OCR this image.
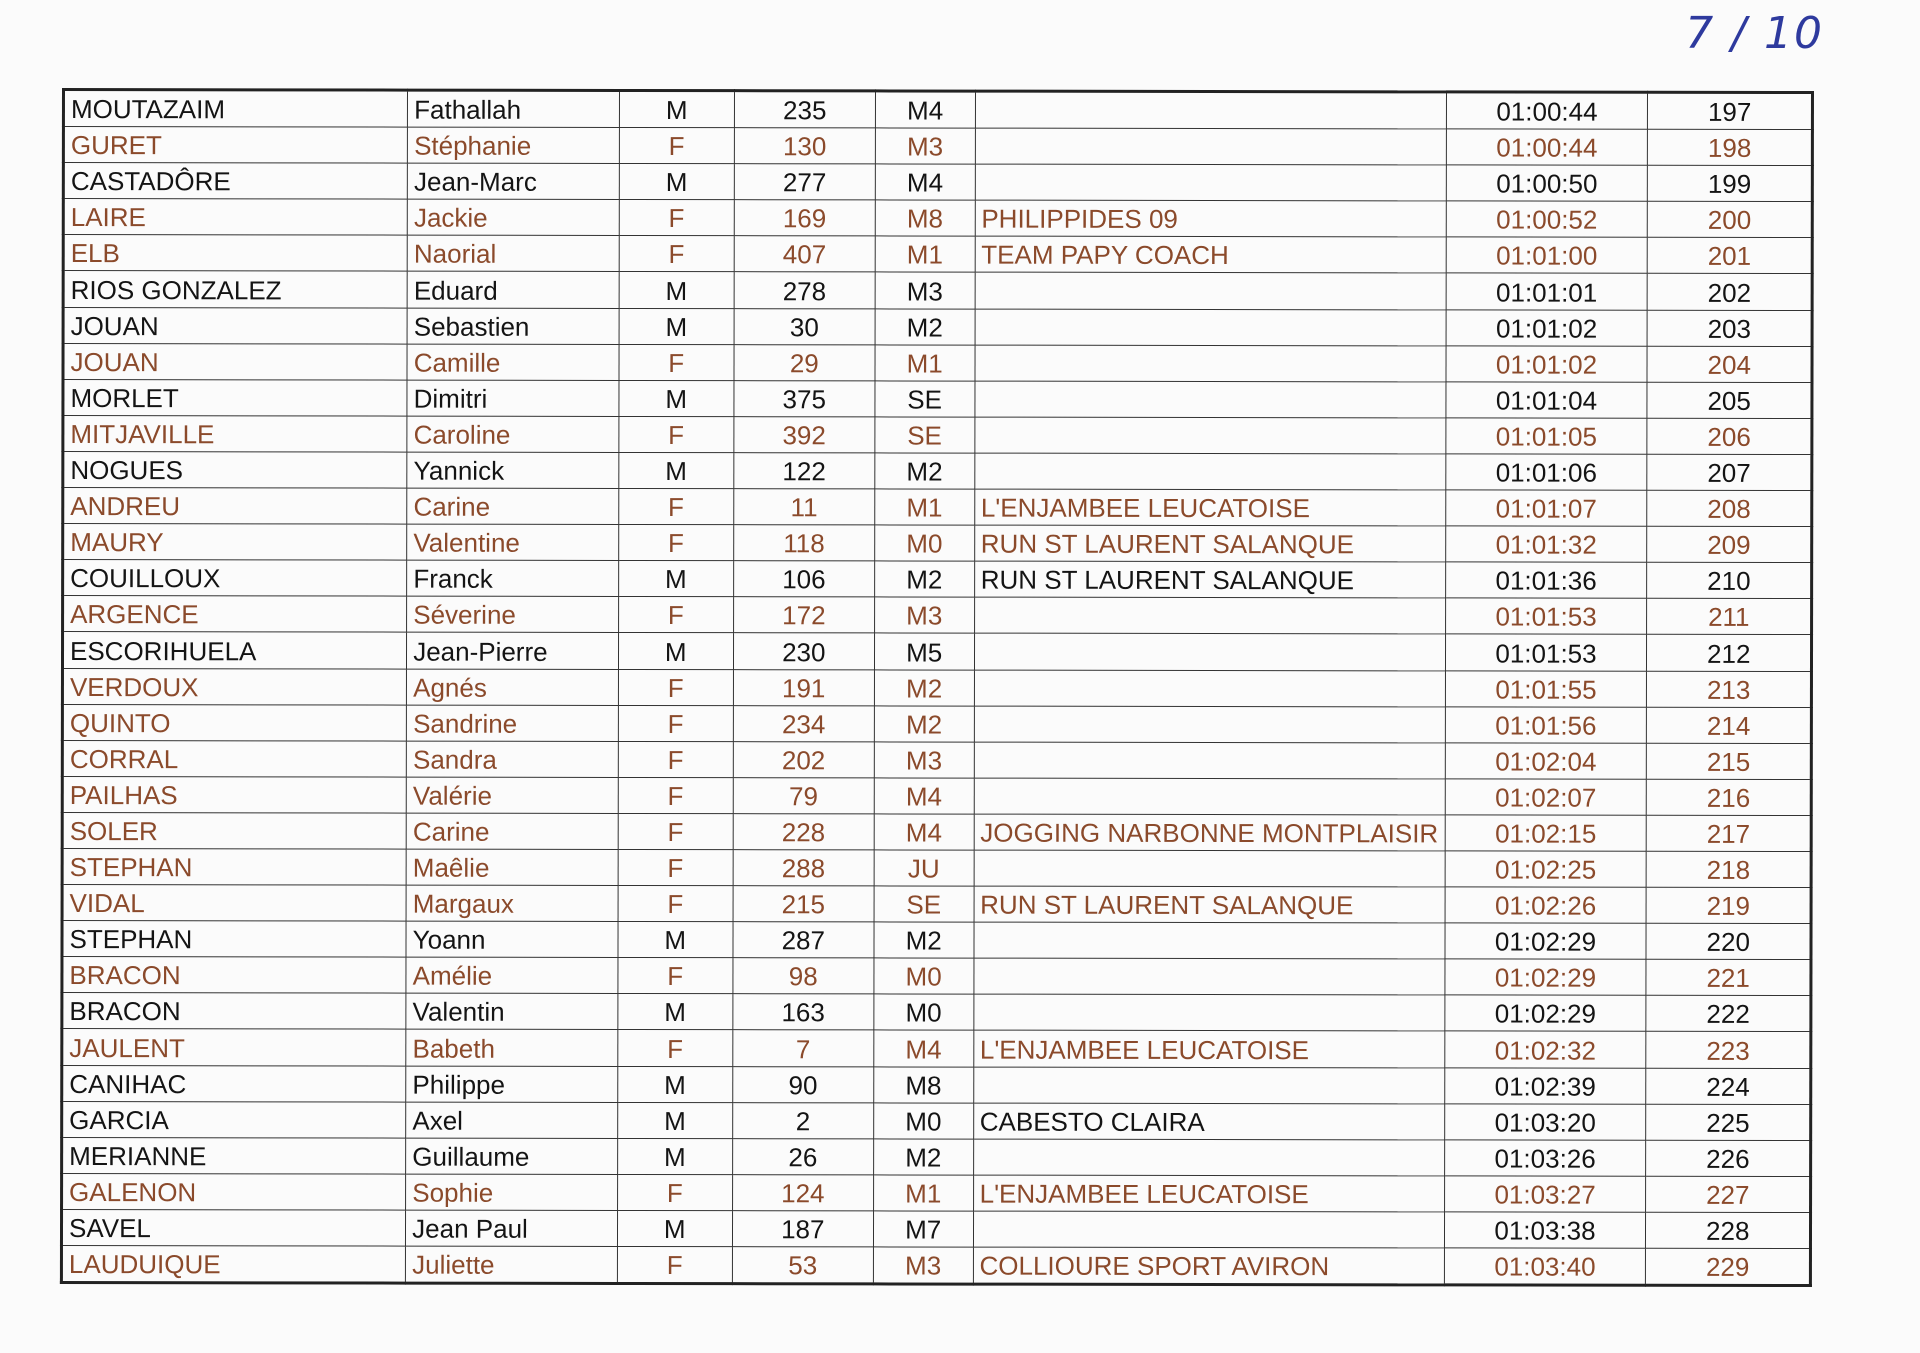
7 / 10
MOUTAZAIM	Fathallah	M	235	M4		01:00:44	197
GURET	Stéphanie	F	130	M3		01:00:44	198
CASTADÔRE	Jean-Marc	M	277	M4		01:00:50	199
LAIRE	Jackie	F	169	M8	PHILIPPIDES 09	01:00:52	200
ELB	Naorial	F	407	M1	TEAM PAPY COACH	01:01:00	201
RIOS GONZALEZ	Eduard	M	278	M3		01:01:01	202
JOUAN	Sebastien	M	30	M2		01:01:02	203
JOUAN	Camille	F	29	M1		01:01:02	204
MORLET	Dimitri	M	375	SE		01:01:04	205
MITJAVILLE	Caroline	F	392	SE		01:01:05	206
NOGUES	Yannick	M	122	M2		01:01:06	207
ANDREU	Carine	F	11	M1	L'ENJAMBEE LEUCATOISE	01:01:07	208
MAURY	Valentine	F	118	M0	RUN ST LAURENT SALANQUE	01:01:32	209
COUILLOUX	Franck	M	106	M2	RUN ST LAURENT SALANQUE	01:01:36	210
ARGENCE	Séverine	F	172	M3		01:01:53	211
ESCORIHUELA	Jean-Pierre	M	230	M5		01:01:53	212
VERDOUX	Agnés	F	191	M2		01:01:55	213
QUINTO	Sandrine	F	234	M2		01:01:56	214
CORRAL	Sandra	F	202	M3		01:02:04	215
PAILHAS	Valérie	F	79	M4		01:02:07	216
SOLER	Carine	F	228	M4	JOGGING NARBONNE MONTPLAISIR	01:02:15	217
STEPHAN	Maêlie	F	288	JU		01:02:25	218
VIDAL	Margaux	F	215	SE	RUN ST LAURENT SALANQUE	01:02:26	219
STEPHAN	Yoann	M	287	M2		01:02:29	220
BRACON	Amélie	F	98	M0		01:02:29	221
BRACON	Valentin	M	163	M0		01:02:29	222
JAULENT	Babeth	F	7	M4	L'ENJAMBEE LEUCATOISE	01:02:32	223
CANIHAC	Philippe	M	90	M8		01:02:39	224
GARCIA	Axel	M	2	M0	CABESTO CLAIRA	01:03:20	225
MERIANNE	Guillaume	M	26	M2		01:03:26	226
GALENON	Sophie	F	124	M1	L'ENJAMBEE LEUCATOISE	01:03:27	227
SAVEL	Jean Paul	M	187	M7		01:03:38	228
LAUDUIQUE	Juliette	F	53	M3	COLLIOURE SPORT AVIRON	01:03:40	229
